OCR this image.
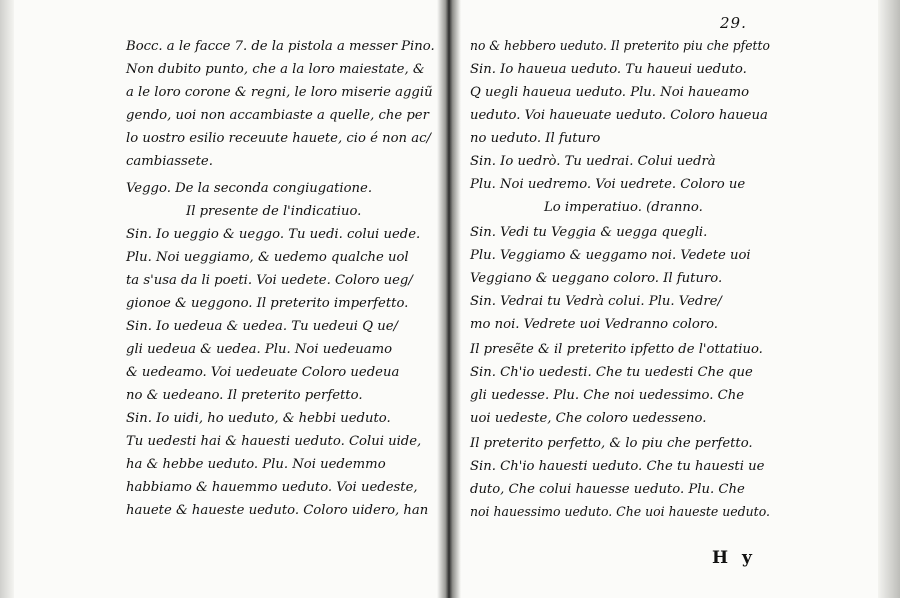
Bocc. a le facce 7. de la pistola a messer Pino.
Non dubito punto, che a la loro maiestate, &
a le loro corone & regni, le loro miserie aggiũ
gendo, uoi non accambiaste a quelle, che per
lo uostro esilio receuute hauete, cio é non ac/
cambiassete.
Veggo. De la seconda congiugatione.
Il presente de l'indicatiuo.
Sin. Io ueggio & ueggo. Tu uedi. colui uede.
Plu. Noi ueggiamo, & uedemo qualche uol
ta s'usa da li poeti. Voi uedete. Coloro ueg/
gionoe & ueggono. Il preterito imperfetto.
Sin. Io uedeua & uedea. Tu uedeui Q ue/
gli uedeua & uedea. Plu. Noi uedeuamo
& uedeamo. Voi uedeuate Coloro uedeua
no & uedeano. Il preterito perfetto.
Sin. Io uidi, ho ueduto, & hebbi ueduto.
Tu uedesti hai & hauesti ueduto. Colui uide,
ha & hebbe ueduto. Plu. Noi uedemmo
habbiamo & hauemmo ueduto. Voi uedeste,
hauete & haueste ueduto. Coloro uidero, han
29.
no & hebbero ueduto. Il preterito piu che pfetto
Sin. Io haueua ueduto. Tu haueui ueduto.
Q uegli haueua ueduto. Plu. Noi haueamo
ueduto. Voi haueuate ueduto. Coloro haueua
no ueduto. Il futuro
Sin. Io uedrò. Tu uedrai. Colui uedrà
Plu. Noi uedremo. Voi uedrete. Coloro ue
Lo imperatiuo. (dranno.
Sin. Vedi tu Veggia & uegga quegli.
Plu. Veggiamo & ueggamo noi. Vedete uoi
Veggiano & ueggano coloro. Il futuro.
Sin. Vedrai tu Vedrà colui. Plu. Vedre/
mo noi. Vedrete uoi Vedranno coloro.
Il presẽte & il preterito ipfetto de l'ottatiuo.
Sin. Ch'io uedesti. Che tu uedesti Che que
gli uedesse. Plu. Che noi uedessimo. Che
uoi uedeste, Che coloro uedesseno.
Il preterito perfetto, & lo piu che perfetto.
Sin. Ch'io hauesti ueduto. Che tu hauesti ue
duto, Che colui hauesse ueduto. Plu. Che
noi hauessimo ueduto. Che uoi haueste ueduto.
H y
